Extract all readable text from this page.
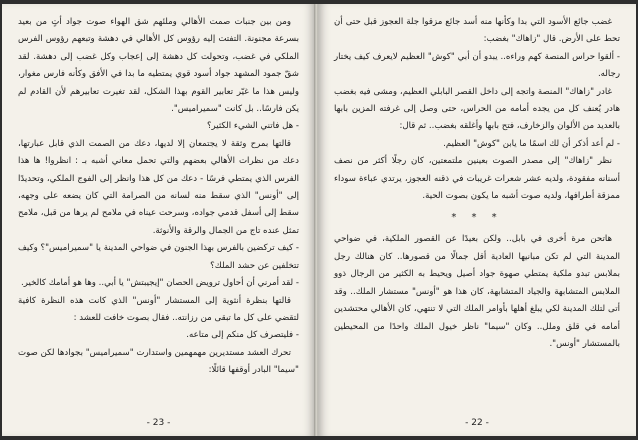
ومن بين جنبات صمت الأهالي وملئهم شق الهواء صوت جواد أتٍ من بعيد بسرعة مجنونة. التفتت إليه رؤوس كل الأهالي في دهشة وتبعهم رؤوس الفرس الملكي في غضب، وتحولت كل دهشة إلى إعجاب وكل غضب إلى دهشة. لقد شقّ جمود المشهد جواد أسود قوي يمتطيه ما بدا في الأفق وكأنه فارس مغوار، وليس هذا ما غيّر تعابير القوم بهذا الشكل، لقد تغيرت تعابيرهم لأن القادم لم يكن فارسًا.. بل كانت "سميراميس".

- هل فاتني الشيء الكثير؟

قالتها بمرح وثقة لا يجتمعان إلا لديها، دعك من الصمت الذي قابل عبارتها، دعك من نظرات الأهالي بعضهم والتي تحمل معاني أشبه بـ : انظروا! ها هذا الفرس الذي يمتطي فرسًا - دعك من كل هذا وانظر إلى الفوج الملكي، وتحديدًا إلى "أونس" الذي سقط منه لسانه من الصرامة التي كان يضعه على وجهه، سقط إلى أسفل قدمي جواده، وسرحت عيناه في ملامح لم يرها من قبل، ملامح تمثل عنده تاج من الجمال والرقة والأنوثة.

- كيف تركضين بالفرس بهذا الجنون في ضواحي المدينة يا "سميراميس"؟ وكيف تتخلفين عن حشد الملك؟

- لقد أمرني أن أحاول ترويض الحصان "إيجيبتش" يا أبي.. وها هو أمامك كالخير.

قالتها بنظرة أنثوية إلى المستشار "أونس" الذي كانت هذه النظرة كافية لتقضي على كل ما تبقى من رزانته.. فقال بصوت خافت للعشد :

- فليتصرف كل منكم إلى متاعه.

تحرك العشد مستديرين مهمهمين واستدارت "سميراميس" بجوادها لكن صوت "سيما" البادر أوقفها قائلًا:

- 23 -

غضب جائع الأسود التي بدا وكأنها منه أسد جائع مزقوا جلة العجوز قبل حتى أن تحط على الأرض. قال "زاهاك" بغضب:

- ألقوا حراس المنصة كهم وراءه.. يبدو أن أبي "كوش" العظيم لايعرف كيف يختار رجاله.

غادر "زاهاك" المنصة واتجه إلى داخل القصر البابلي العظيم، ومشى فيه بغضب هادر يُعنف كل من يجده أمامه من الحراس، حتى وصل إلى غرفته المزين بابها بالعديد من الألوان والزخارف، فتح بابها وأغلقه بغضب.. ثم قال:

- لم أعد أذكر أن لك اسمًا ما يابن "كوش" العظيم.

نظر "زاهاك" إلى مصدر الصوت بعينين ملتمعتين، كان رجلًا أكثر من نصف أسنانه مفقودة، ولديه عشر شعرات غريبات في ذقنه العجوز، يرتدي عباءة سوداء ممزقة أطرافها، ولديه صوت أشبه ما يكون بصوت الحية.

* * *

هاتحن مرة أخرى في بابل.. ولكن بعيدًا عن القصور الملكية، في ضواحي المدينة التي لم تكن مبانيها العادية أقل جمالًا من قصورها.. كان هنالك رجل بملابس تبدو ملكية يمتطي صهوة جواد أصيل ويحيط به الكثير من الرجال ذوو الملابس المتشابهة والجياد المتشابهة، كان هذا هو "أونس" مستشار الملك.. وقد أتى لتلك المدينة لكي يبلغ أهلها بأوامر الملك التي لا تنتهي، كان الأهالي محتشدين أمامه في قلق وملل.. وكان "سيما" ناظر خيول الملك واحدًا من المحيطين بالمستشار "أونس".

- 22 -
